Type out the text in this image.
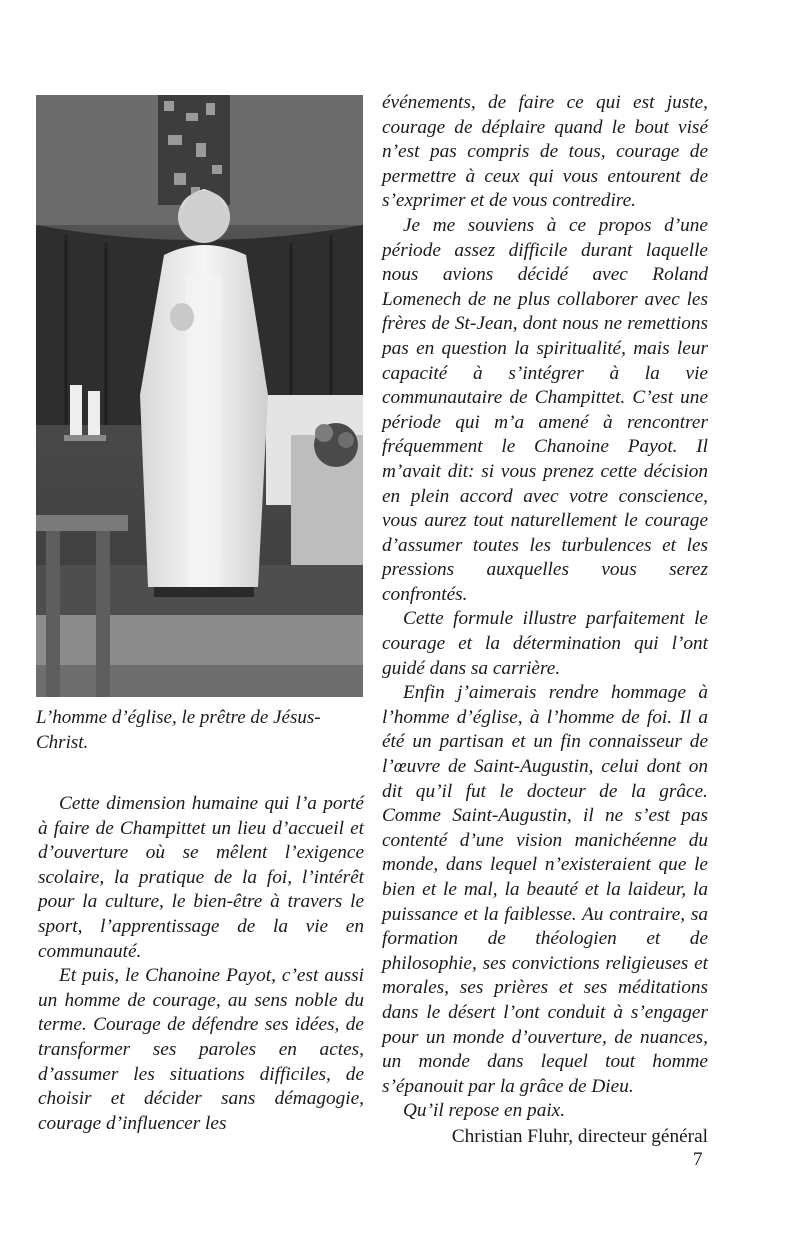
L’homme d’église, le prêtre de Jésus-Christ.

Cette dimension humaine qui l’a porté à faire de Champittet un lieu d’accueil et d’ouverture où se mêlent l’exigence scolaire, la pratique de la foi, l’intérêt pour la culture, le bien-être à travers le sport, l’apprentissage de la vie en communauté.

Et puis, le Chanoine Payot, c’est aussi un homme de courage, au sens noble du terme. Courage de défendre ses idées, de transformer ses paroles en actes, d’assumer les situations difficiles, de choisir et décider sans démagogie, courage d’influencer les

événements, de faire ce qui est juste, courage de déplaire quand le bout visé n’est pas compris de tous, courage de permettre à ceux qui vous entourent de s’exprimer et de vous contredire.

Je me souviens à ce propos d’une période assez difficile durant laquelle nous avions décidé avec Roland Lomenech de ne plus collaborer avec les frères de St-Jean, dont nous ne remettions pas en question la spiritualité, mais leur capacité à s’intégrer à la vie communautaire de Champittet. C’est une période qui m’a amené à rencontrer fréquemment le Chanoine Payot. Il m’avait dit: si vous prenez cette décision en plein accord avec votre conscience, vous aurez tout naturellement le courage d’assumer toutes les turbulences et les pressions auxquelles vous serez confrontés.

Cette formule illustre parfaitement le courage et la détermination qui l’ont guidé dans sa carrière.

Enfin j’aimerais rendre hommage à l’homme d’église, à l’homme de foi. Il a été un partisan et un fin connaisseur de l’œuvre de Saint-Augustin, celui dont on dit qu’il fut le docteur de la grâce. Comme Saint-Augustin, il ne s’est pas contenté d’une vision manichéenne du monde, dans lequel n’existeraient que le bien et le mal, la beauté et la laideur, la puissance et la faiblesse. Au contraire, sa formation de théologien et de philosophie, ses convictions religieuses et morales, ses prières et ses méditations dans le désert l’ont conduit à s’engager pour un monde d’ouverture, de nuances, un monde dans lequel tout homme s’épanouit par la grâce de Dieu.

Qu’il repose en paix.

Christian Fluhr, directeur général

7
